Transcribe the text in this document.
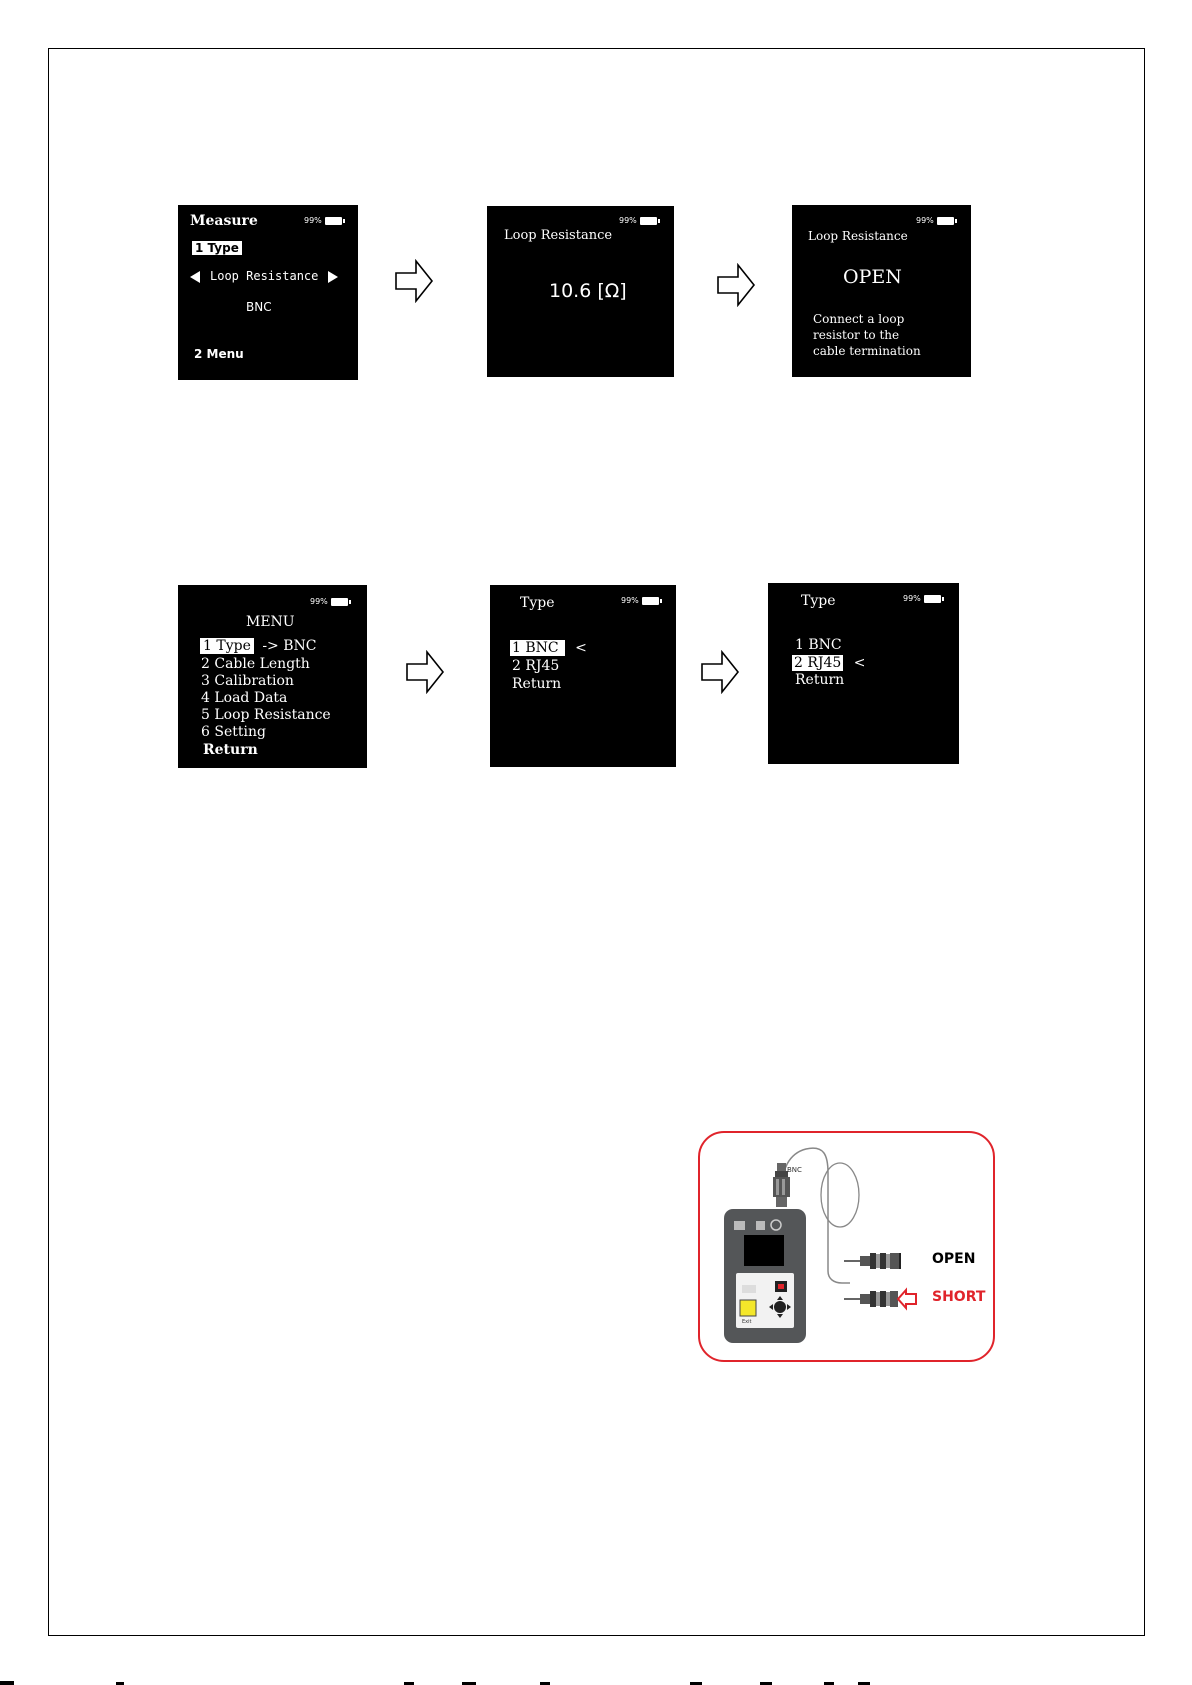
Measure	99%
1 Type
Loop Resistance
BNC
2 Menu
Loop Resistance
99%
10.6 [Ω]
Loop Resistance
99%
OPEN
Connect a loop
resistor to the
cable termination
99%
MENU
1 Type -> BNC
2 Cable Length
3 Calibration
4 Load Data
5 Loop Resistance
6 Setting
Return
Type	99%
1 BNC <
2 RJ45
Return
Type	99%
1 BNC
2 RJ45 <
Return
Exit
BNC
OPEN
SHORT
